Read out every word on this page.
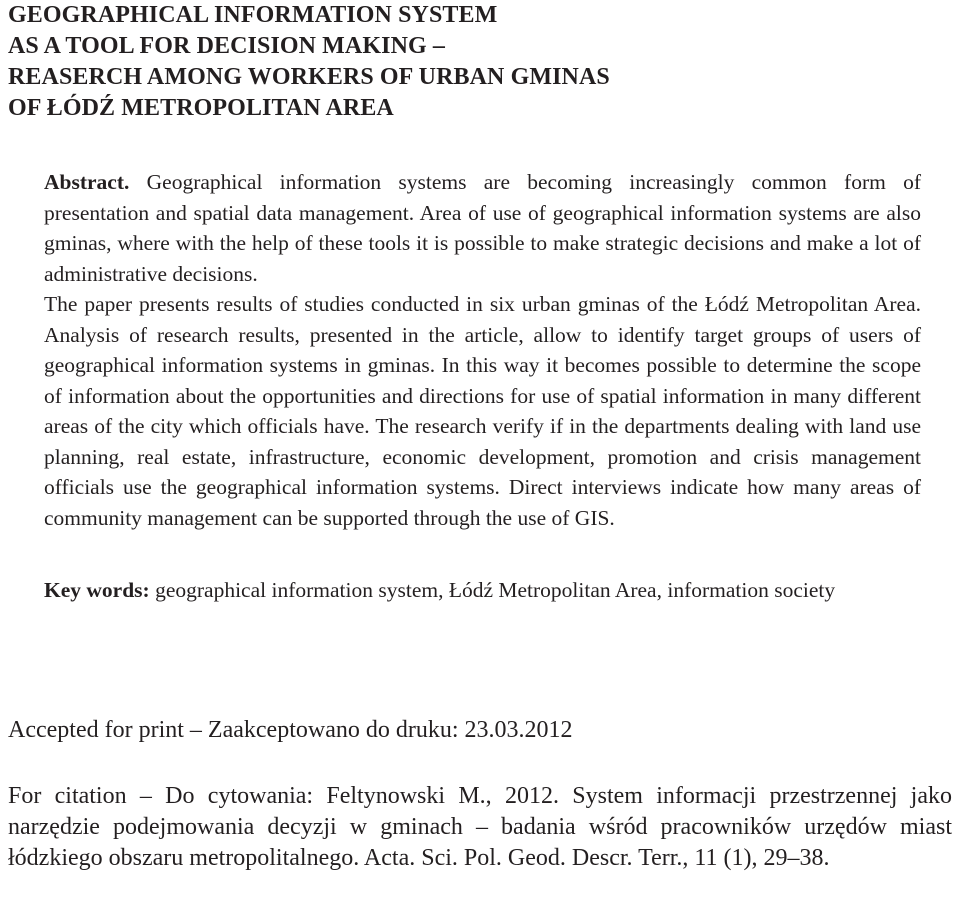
GEOGRAPHICAL INFORMATION SYSTEM
AS A TOOL FOR DECISION MAKING –
REASERCH AMONG WORKERS OF URBAN GMINAS
OF ŁÓDŹ METROPOLITAN AREA
Abstract. Geographical information systems are becoming increasingly common form of presentation and spatial data management. Area of use of geographical information systems are also gminas, where with the help of these tools it is possible to make strategic decisions and make a lot of administrative decisions.
The paper presents results of studies conducted in six urban gminas of the Łódź Metropolitan Area. Analysis of research results, presented in the article, allow to identify target groups of users of geographical information systems in gminas. In this way it becomes possible to determine the scope of information about the opportunities and directions for use of spatial information in many different areas of the city which officials have. The research verify if in the departments dealing with land use planning, real estate, infrastructure, economic development, promotion and crisis management officials use the geographical information systems. Direct interviews indicate how many areas of community management can be supported through the use of GIS.

Key words: geographical information system, Łódź Metropolitan Area, information society

Accepted for print – Zaakceptowano do druku: 23.03.2012

For citation – Do cytowania: Feltynowski M., 2012. System informacji przestrzennej jako narzędzie podejmowania decyzji w gminach – badania wśród pracowników urzędów miast łódzkiego obszaru metropolitalnego. Acta. Sci. Pol. Geod. Descr. Terr., 11 (1), 29–38.
